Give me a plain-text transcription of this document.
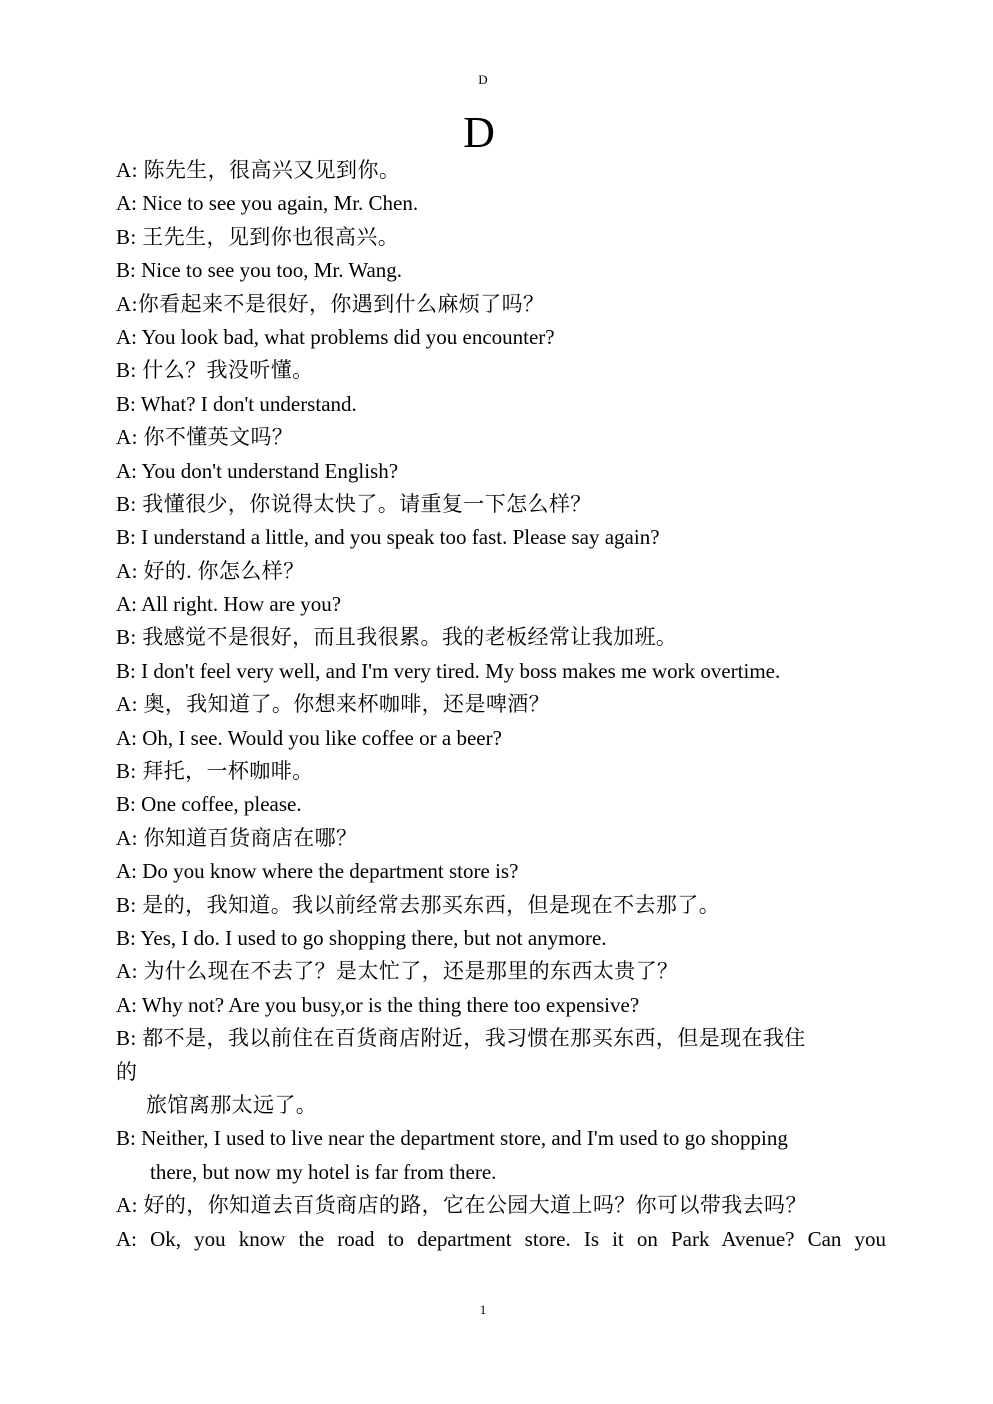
D
D
A: 陈先生，很高兴又见到你。
A: Nice to see you again, Mr. Chen.
B: 王先生，见到你也很高兴。
B: Nice to see you too, Mr. Wang.
A:你看起来不是很好，你遇到什么麻烦了吗？
A: You look bad, what problems did you encounter?
B: 什么？我没听懂。
B: What? I don't understand.
A: 你不懂英文吗？
A: You don't understand English?
B: 我懂很少，你说得太快了。请重复一下怎么样？
B: I understand a little, and you speak too fast. Please say again?
A: 好的. 你怎么样？
A: All right. How are you?
B: 我感觉不是很好，而且我很累。我的老板经常让我加班。
B: I don't feel very well, and I'm very tired. My boss makes me work overtime.
A: 奥，我知道了。你想来杯咖啡，还是啤酒？
A: Oh, I see. Would you like coffee or a beer?
B: 拜托，一杯咖啡。
B: One coffee, please.
A: 你知道百货商店在哪？
A: Do you know where the department store is?
B: 是的，我知道。我以前经常去那买东西，但是现在不去那了。
B: Yes, I do. I used to go shopping there, but not anymore.
A: 为什么现在不去了？是太忙了，还是那里的东西太贵了？
A: Why not? Are you busy,or is the thing there too expensive?
B: 都不是，我以前住在百货商店附近，我习惯在那买东西，但是现在我住
的
旅馆离那太远了。
B: Neither, I used to live near the department store, and I'm used to go shopping
there, but now my hotel is far from there.
A: 好的，你知道去百货商店的路，它在公园大道上吗？你可以带我去吗？
A: Ok, you know the road to department store. Is it on Park Avenue? Can you
1
